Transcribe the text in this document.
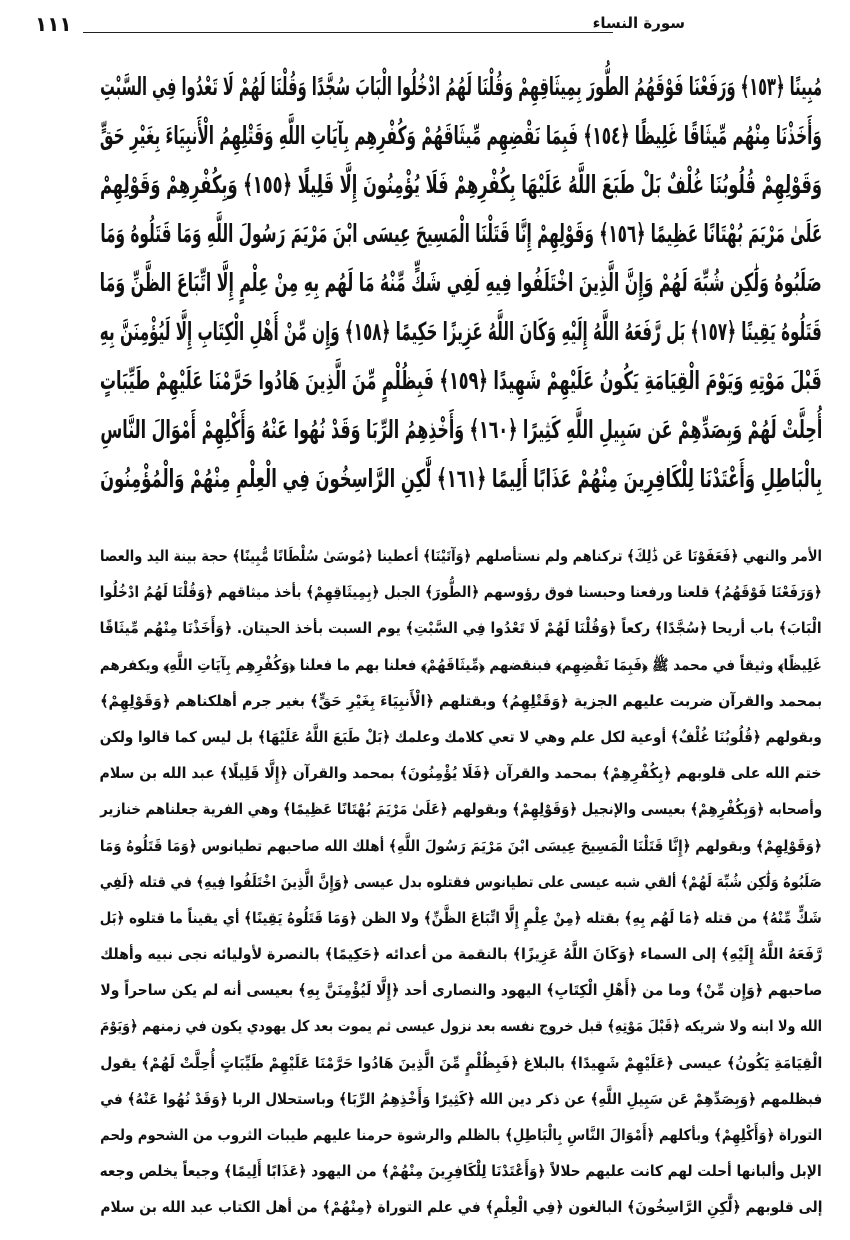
١١١	سورة النساء
مُبِينًا ﴿١٥٣﴾ وَرَفَعْنَا فَوْقَهُمُ الطُّورَ بِمِيثَاقِهِمْ وَقُلْنَا لَهُمُ ادْخُلُوا الْبَابَ سُجَّدًا وَقُلْنَا لَهُمْ لَا تَعْدُوا فِي السَّبْتِ
وَأَخَذْنَا مِنْهُم مِّيثَاقًا غَلِيظًا ﴿١٥٤﴾ فَبِمَا نَقْضِهِم مِّيثَاقَهُمْ وَكُفْرِهِم بِآيَاتِ اللَّهِ وَقَتْلِهِمُ الْأَنبِيَاءَ بِغَيْرِ حَقٍّ
وَقَوْلِهِمْ قُلُوبُنَا غُلْفٌ بَلْ طَبَعَ اللَّهُ عَلَيْهَا بِكُفْرِهِمْ فَلَا يُؤْمِنُونَ إِلَّا قَلِيلًا ﴿١٥٥﴾ وَبِكُفْرِهِمْ وَقَوْلِهِمْ
عَلَىٰ مَرْيَمَ بُهْتَانًا عَظِيمًا ﴿١٥٦﴾ وَقَوْلِهِمْ إِنَّا قَتَلْنَا الْمَسِيحَ عِيسَى ابْنَ مَرْيَمَ رَسُولَ اللَّهِ وَمَا قَتَلُوهُ وَمَا
صَلَبُوهُ وَلَٰكِن شُبِّهَ لَهُمْ وَإِنَّ الَّذِينَ اخْتَلَفُوا فِيهِ لَفِي شَكٍّ مِّنْهُ مَا لَهُم بِهِ مِنْ عِلْمٍ إِلَّا اتِّبَاعَ الظَّنِّ وَمَا
قَتَلُوهُ يَقِينًا ﴿١٥٧﴾ بَل رَّفَعَهُ اللَّهُ إِلَيْهِ وَكَانَ اللَّهُ عَزِيزًا حَكِيمًا ﴿١٥٨﴾ وَإِن مِّنْ أَهْلِ الْكِتَابِ إِلَّا لَيُؤْمِنَنَّ بِهِ
قَبْلَ مَوْتِهِ وَيَوْمَ الْقِيَامَةِ يَكُونُ عَلَيْهِمْ شَهِيدًا ﴿١٥٩﴾ فَبِظُلْمٍ مِّنَ الَّذِينَ هَادُوا حَرَّمْنَا عَلَيْهِمْ طَيِّبَاتٍ
أُحِلَّتْ لَهُمْ وَبِصَدِّهِمْ عَن سَبِيلِ اللَّهِ كَثِيرًا ﴿١٦٠﴾ وَأَخْذِهِمُ الرِّبَا وَقَدْ نُهُوا عَنْهُ وَأَكْلِهِمْ أَمْوَالَ النَّاسِ
بِالْبَاطِلِ وَأَعْتَدْنَا لِلْكَافِرِينَ مِنْهُمْ عَذَابًا أَلِيمًا ﴿١٦١﴾ لَّٰكِنِ الرَّاسِخُونَ فِي الْعِلْمِ مِنْهُمْ وَالْمُؤْمِنُونَ
الأمر والنهي ﴿فَعَفَوْنَا عَن ذَٰلِكَ﴾ تركناهم ولم نستأصلهم ﴿وَآتَيْنَا﴾ أعطينا ﴿مُوسَىٰ سُلْطَانًا مُّبِينًا﴾ حجة بينة اليد والعصا
﴿وَرَفَعْنَا فَوْقَهُمُ﴾ قلعنا ورفعنا وحبسنا فوق رؤوسهم ﴿الطُّورَ﴾ الجبل ﴿بِمِيثَاقِهِمْ﴾ بأخذ ميثاقهم ﴿وَقُلْنَا لَهُمُ ادْخُلُوا
الْبَابَ﴾ باب أريحا ﴿سُجَّدًا﴾ ركعاً ﴿وَقُلْنَا لَهُمْ لَا تَعْدُوا فِي السَّبْتِ﴾ يوم السبت بأخذ الحيتان. ﴿وَأَخَذْنَا مِنْهُم مِّيثَاقًا
غَلِيظًا﴾ وثيقاً في محمد ﷺ ﴿فَبِمَا نَقْضِهِم﴾ فبنقضهم ﴿مِّيثَاقَهُمْ﴾ فعلنا بهم ما فعلنا ﴿وَكُفْرِهِم بِآيَاتِ اللَّهِ﴾ ويكفرهم
بمحمد والقرآن ضربت عليهم الجزية ﴿وَقَتْلِهِمُ﴾ وبقتلهم ﴿الْأَنبِيَاءَ بِغَيْرِ حَقٍّ﴾ بغير جرم أهلكناهم ﴿وَقَوْلِهِمْ﴾
وبقولهم ﴿قُلُوبُنَا غُلْفٌ﴾ أوعية لكل علم وهي لا تعي كلامك وعلمك ﴿بَلْ طَبَعَ اللَّهُ عَلَيْهَا﴾ بل ليس كما قالوا ولكن
ختم الله على قلوبهم ﴿بِكُفْرِهِمْ﴾ بمحمد والقرآن ﴿فَلَا يُؤْمِنُونَ﴾ بمحمد والقرآن ﴿إِلَّا قَلِيلًا﴾ عبد الله بن سلام
وأصحابه ﴿وَبِكُفْرِهِمْ﴾ بعيسى والإنجيل ﴿وَقَوْلِهِمْ﴾ وبقولهم ﴿عَلَىٰ مَرْيَمَ بُهْتَانًا عَظِيمًا﴾ وهي الفرية جعلناهم خنازير
﴿وَقَوْلِهِمْ﴾ وبقولهم ﴿إِنَّا قَتَلْنَا الْمَسِيحَ عِيسَى ابْنَ مَرْيَمَ رَسُولَ اللَّهِ﴾ أهلك الله صاحبهم تطيانوس ﴿وَمَا قَتَلُوهُ وَمَا
صَلَبُوهُ وَلَٰكِن شُبِّهَ لَهُمْ﴾ ألقي شبه عيسى على تطيانوس فقتلوه بدل عيسى ﴿وَإِنَّ الَّذِينَ اخْتَلَفُوا فِيهِ﴾ في قتله ﴿لَفِي
شَكٍّ مِّنْهُ﴾ من قتله ﴿مَا لَهُم بِهِ﴾ بقتله ﴿مِنْ عِلْمٍ إِلَّا اتِّبَاعَ الظَّنِّ﴾ ولا الظن ﴿وَمَا قَتَلُوهُ يَقِينًا﴾ أي يقيناً ما قتلوه ﴿بَل
رَّفَعَهُ اللَّهُ إِلَيْهِ﴾ إلى السماء ﴿وَكَانَ اللَّهُ عَزِيزًا﴾ بالنقمة من أعدائه ﴿حَكِيمًا﴾ بالنصرة لأوليائه نجى نبيه وأهلك
صاحبهم ﴿وَإِن مِّنْ﴾ وما من ﴿أَهْلِ الْكِتَابِ﴾ اليهود والنصارى أحد ﴿إِلَّا لَيُؤْمِنَنَّ بِهِ﴾ بعيسى أنه لم يكن ساحراً ولا
الله ولا ابنه ولا شريكه ﴿قَبْلَ مَوْتِهِ﴾ قبل خروج نفسه بعد نزول عيسى ثم يموت بعد كل يهودي يكون في زمنهم ﴿وَيَوْمَ
الْقِيَامَةِ يَكُونُ﴾ عيسى ﴿عَلَيْهِمْ شَهِيدًا﴾ بالبلاغ ﴿فَبِظُلْمٍ مِّنَ الَّذِينَ هَادُوا حَرَّمْنَا عَلَيْهِمْ طَيِّبَاتٍ أُحِلَّتْ لَهُمْ﴾ يقول
فبظلمهم ﴿وَبِصَدِّهِمْ عَن سَبِيلِ اللَّهِ﴾ عن ذكر دين الله ﴿كَثِيرًا وَأَخْذِهِمُ الرِّبَا﴾ وباستحلال الربا ﴿وَقَدْ نُهُوا عَنْهُ﴾ في
التوراة ﴿وَأَكْلِهِمْ﴾ وبأكلهم ﴿أَمْوَالَ النَّاسِ بِالْبَاطِلِ﴾ بالظلم والرشوة حرمنا عليهم طيبات الثروب من الشحوم ولحم
الإبل وألبانها أحلت لهم كانت عليهم حلالاً ﴿وَأَعْتَدْنَا لِلْكَافِرِينَ مِنْهُمْ﴾ من اليهود ﴿عَذَابًا أَلِيمًا﴾ وجيعاً يخلص وجعه
إلى قلوبهم ﴿لَّٰكِنِ الرَّاسِخُونَ﴾ البالغون ﴿فِي الْعِلْمِ﴾ في علم التوراة ﴿مِنْهُمْ﴾ من أهل الكتاب عبد الله بن سلام
